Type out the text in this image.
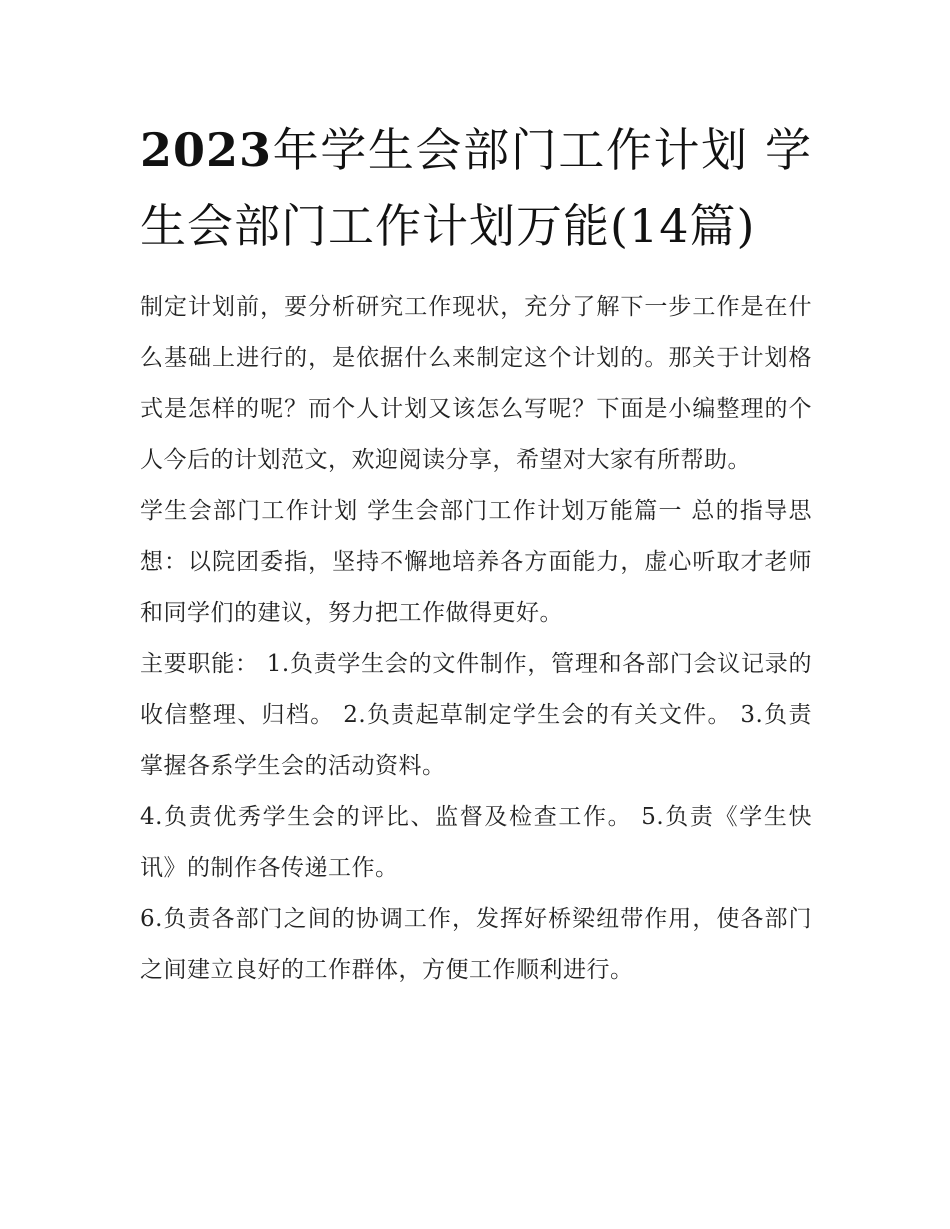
2023年学生会部门工作计划 学生会部门工作计划万能(14篇)

制定计划前，要分析研究工作现状，充分了解下一步工作是在什么基础上进行的，是依据什么来制定这个计划的。那关于计划格式是怎样的呢？而个人计划又该怎么写呢？下面是小编整理的个人今后的计划范文，欢迎阅读分享，希望对大家有所帮助。

学生会部门工作计划 学生会部门工作计划万能篇一 总的指导思想：以院团委指，坚持不懈地培养各方面能力，虚心听取才老师和同学们的建议，努力把工作做得更好。

主要职能： 1.负责学生会的文件制作，管理和各部门会议记录的收信整理、归档。 2.负责起草制定学生会的有关文件。 3.负责掌握各系学生会的活动资料。

4.负责优秀学生会的评比、监督及检查工作。 5.负责《学生快讯》的制作各传递工作。

6.负责各部门之间的协调工作，发挥好桥梁纽带作用，使各部门之间建立良好的工作群体，方便工作顺利进行。
